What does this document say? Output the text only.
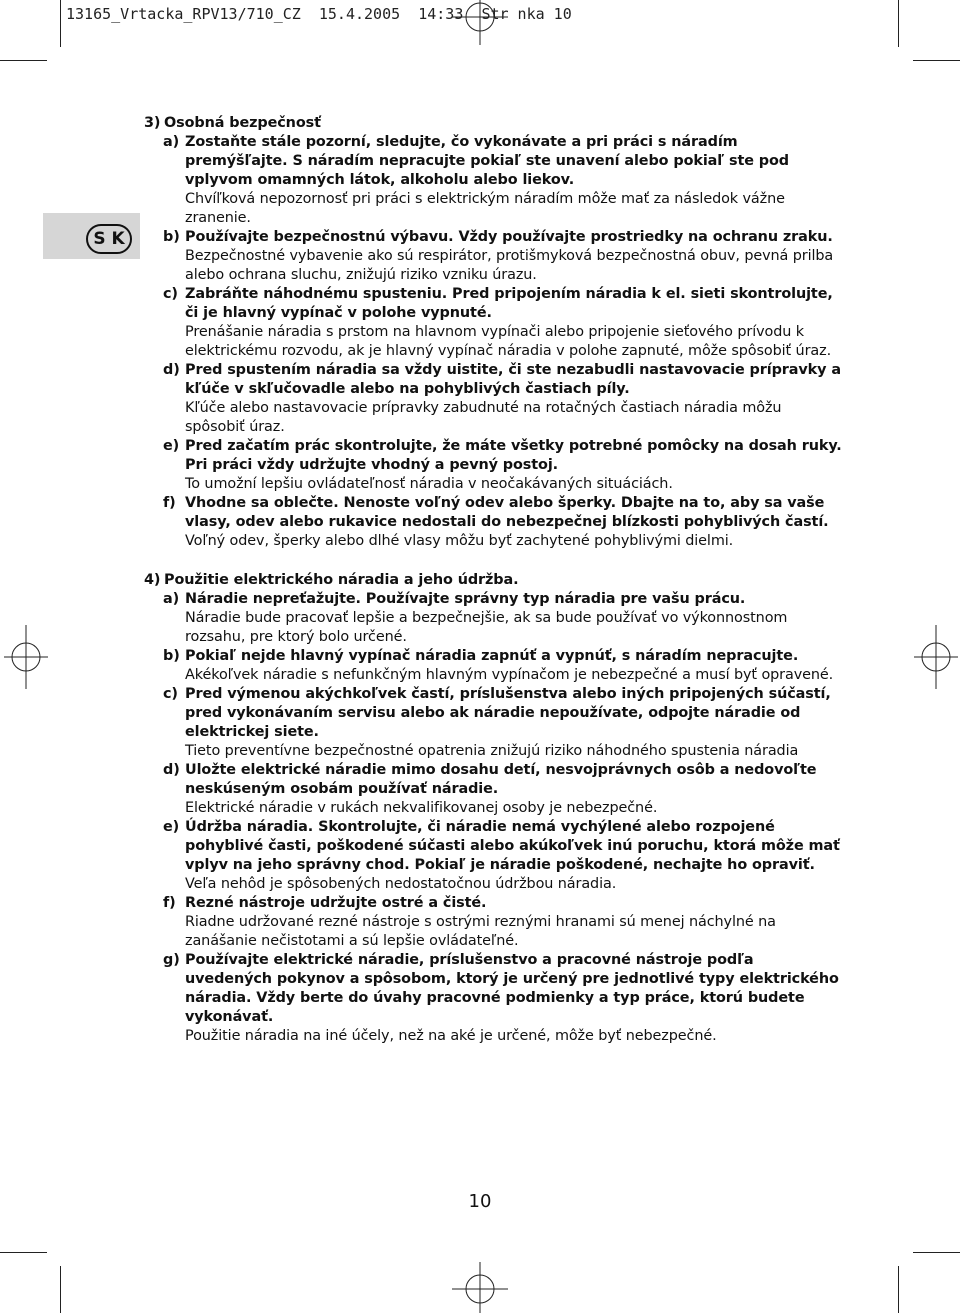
13165_Vrtacka_RPV13/710_CZ 15.4.2005 14:33 Str nka 10
S K
3) Osobná bezpečnosť
a) Zostaňte stále pozorní, sledujte, čo vykonávate a pri práci s náradím premýšľajte. S náradím nepracujte pokiaľ ste unavení alebo pokiaľ ste pod vplyvom omamných látok, alkoholu alebo liekov.
Chvíľková nepozornosť pri práci s elektrickým náradím môže mať za následok vážne zranenie.
b) Používajte bezpečnostnú výbavu. Vždy používajte prostriedky na ochranu zraku.
Bezpečnostné vybavenie ako sú respirátor, protišmyková bezpečnostná obuv, pevná prilba alebo ochrana sluchu, znižujú riziko vzniku úrazu.
c) Zabráňte náhodnému spusteniu. Pred pripojením náradia k el. sieti skontrolujte, či je hlavný vypínač v polohe vypnuté.
Prenášanie náradia s prstom na hlavnom vypínači alebo pripojenie sieťového prívodu k elektrickému rozvodu, ak je hlavný vypínač náradia v polohe zapnuté, môže spôsobiť úraz.
d) Pred spustením náradia sa vždy uistite, či ste nezabudli nastavovacie prípravky a kľúče v skľučovadle alebo na pohyblivých častiach píly.
Kľúče alebo nastavovacie prípravky zabudnuté na rotačných častiach náradia môžu spôsobiť úraz.
e) Pred začatím prác skontrolujte, že máte všetky potrebné pomôcky na dosah ruky. Pri práci vždy udržujte vhodný a pevný postoj.
To umožní lepšiu ovládateľnosť náradia v neočakávaných situáciách.
f) Vhodne sa oblečte. Nenoste voľný odev alebo šperky. Dbajte na to, aby sa vaše vlasy, odev alebo rukavice nedostali do nebezpečnej blízkosti pohyblivých častí.
Voľný odev, šperky alebo dlhé vlasy môžu byť zachytené pohyblivými dielmi.
4) Použitie elektrického náradia a jeho údržba.
a) Náradie nepreťažujte. Používajte správny typ náradia pre vašu prácu.
Náradie bude pracovať lepšie a bezpečnejšie, ak sa bude používať vo výkonnostnom rozsahu, pre ktorý bolo určené.
b) Pokiaľ nejde hlavný vypínač náradia zapnúť a vypnúť, s náradím nepracujte.
Akékoľvek náradie s nefunkčným hlavným vypínačom je nebezpečné a musí byť opravené.
c) Pred výmenou akýchkoľvek častí, príslušenstva alebo iných pripojených súčastí, pred vykonávaním servisu alebo ak náradie nepoužívate, odpojte náradie od elektrickej siete.
Tieto preventívne bezpečnostné opatrenia znižujú riziko náhodného spustenia náradia
d) Uložte elektrické náradie mimo dosahu detí, nesvojprávnych osôb a nedovoľte neskúseným osobám používať náradie.
Elektrické náradie v rukách nekvalifikovanej osoby je nebezpečné.
e) Údržba náradia. Skontrolujte, či náradie nemá vychýlené alebo rozpojené pohyblivé časti, poškodené súčasti alebo akúkoľvek inú poruchu, ktorá môže mať vplyv na jeho správny chod. Pokiaľ je náradie poškodené, nechajte ho opraviť.
Veľa nehôd je spôsobených nedostatočnou údržbou náradia.
f) Rezné nástroje udržujte ostré a čisté.
Riadne udržované rezné nástroje s ostrými reznými hranami sú menej náchylné na zanášanie nečistotami a sú lepšie ovládateľné.
g) Používajte elektrické náradie, príslušenstvo a pracovné nástroje podľa uvedených pokynov a spôsobom, ktorý je určený pre jednotlivé typy elektrického náradia. Vždy berte do úvahy pracovné podmienky a typ práce, ktorú budete vykonávať.
Použitie náradia na iné účely, než na aké je určené, môže byť nebezpečné.
10
